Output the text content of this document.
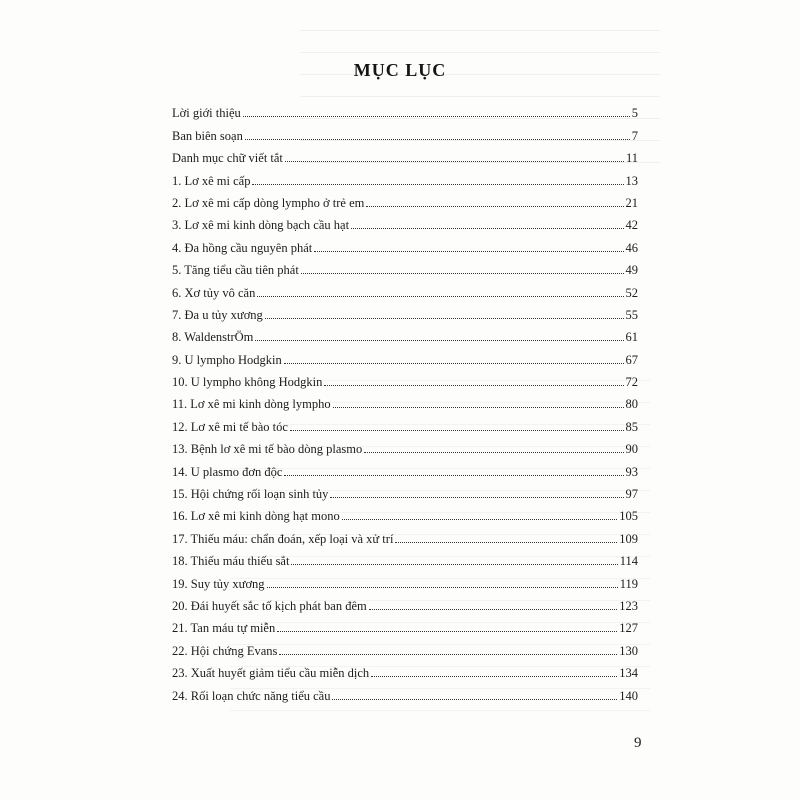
MỤC LỤC
Lời giới thiệu	5
Ban biên soạn	7
Danh mục chữ viết tắt	11
1. Lơ xê mi cấp	13
2. Lơ xê mi cấp dòng lympho ở trẻ em	21
3. Lơ xê mi kinh dòng bạch cầu hạt	42
4. Đa hồng cầu nguyên phát	46
5. Tăng tiểu cầu tiên phát	49
6. Xơ tủy vô căn	52
7. Đa u tủy xương	55
8. WaldenstrÖm	61
9. U lympho Hodgkin	67
10. U lympho không Hodgkin	72
11. Lơ xê mi kinh dòng lympho	80
12. Lơ xê mi tế bào tóc	85
13. Bệnh lơ xê mi tế bào dòng plasmo	90
14. U plasmo đơn độc	93
15. Hội chứng rối loạn sinh tủy	97
16. Lơ xê mi kinh dòng hạt mono	105
17. Thiếu máu: chẩn đoán, xếp loại và xử trí	109
18. Thiếu máu thiếu sắt	114
19. Suy tủy xương	119
20. Đái huyết sắc tố kịch phát ban đêm	123
21. Tan máu tự miễn	127
22. Hội chứng Evans	130
23. Xuất huyết giảm tiểu cầu miễn dịch	134
24. Rối loạn chức năng tiểu cầu	140
9
